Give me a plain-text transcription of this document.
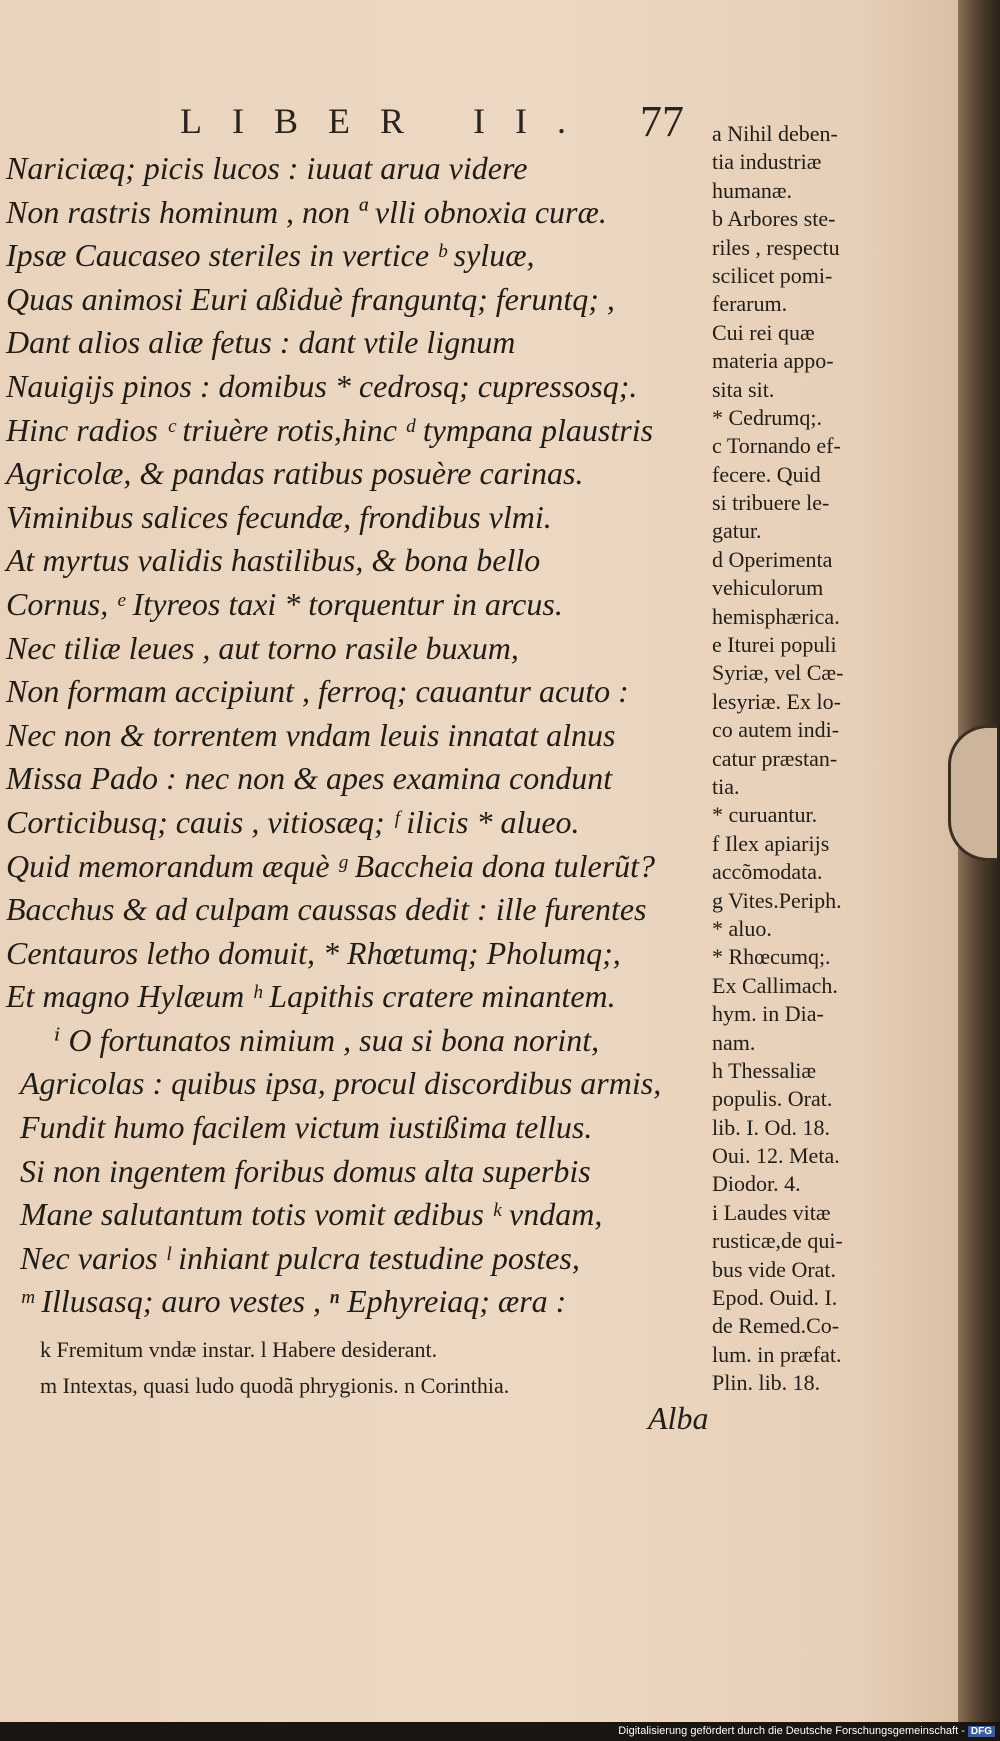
LIBER II.	77
Nariciæq; picis lucos : iuuat arua videre
Non rastris hominum , non ª vlli obnoxia curæ.
Ipsæ Caucaseo steriles in vertice ᵇ syluæ,
Quas animosi Euri aßiduè franguntq; feruntq; ,
Dant alios aliæ fetus : dant vtile lignum
Nauigijs pinos : domibus * cedrosq; cupressosq;.
Hinc radios ᶜ triuère rotis,hinc ᵈ tympana plaustris
Agricolæ, & pandas ratibus posuère carinas.
Viminibus salices fecundæ, frondibus vlmi.
At myrtus validis hastilibus, & bona bello
Cornus, ᵉ Ityreos taxi * torquentur in arcus.
Nec tiliæ leues , aut torno rasile buxum,
Non formam accipiunt , ferroq; cauantur acuto :
Nec non & torrentem vndam leuis innatat alnus
Missa Pado : nec non & apes examina condunt
Corticibusq; cauis , vitiosæq; ᶠ ilicis * alueo.
Quid memorandum æquè ᵍ Baccheia dona tulerũt?
Bacchus & ad culpam caussas dedit : ille furentes
Centauros letho domuit, * Rhœtumq; Pholumq;,
Et magno Hylæum ʰ Lapithis cratere minantem.
ⁱ O fortunatos nimium , sua si bona norint,
Agricolas : quibus ipsa, procul discordibus armis,
Fundit humo facilem victum iustißima tellus.
Si non ingentem foribus domus alta superbis
Mane salutantum totis vomit ædibus ᵏ vndam,
Nec varios ˡ inhiant pulcra testudine postes,
ᵐ Illusasq; auro vestes , ⁿ Ephyreiaq; æra :
k Fremitum vndæ instar. l Habere desiderant.
m Intextas, quasi ludo quodã phrygionis. n Corinthia.
Alba
a Nihil deben-
tia industriæ
humanæ.
b Arbores ste-
riles , respectu
scilicet pomi-
ferarum.
Cui rei quæ
materia appo-
sita sit.
* Cedrumq;.
c Tornando ef-
fecere. Quid
si tribuere le-
gatur.
d Operimenta
vehiculorum
hemisphærica.
e Iturei populi
Syriæ, vel Cæ-
lesyriæ. Ex lo-
co autem indi-
catur præstan-
tia.
* curuantur.
f Ilex apiarijs
accõmodata.
g Vites.Periph.
* aluo.
* Rhœcumq;.
Ex Callimach.
hym. in Dia-
nam.
h Thessaliæ
populis. Orat.
lib. I. Od. 18.
Oui. 12. Meta.
Diodor. 4.
i Laudes vitæ
rusticæ,de qui-
bus vide Orat.
Epod. Ouid. I.
de Remed.Co-
lum. in præfat.
Plin. lib. 18.
Digitalisierung gefördert durch die Deutsche Forschungsgemeinschaft - DFG
